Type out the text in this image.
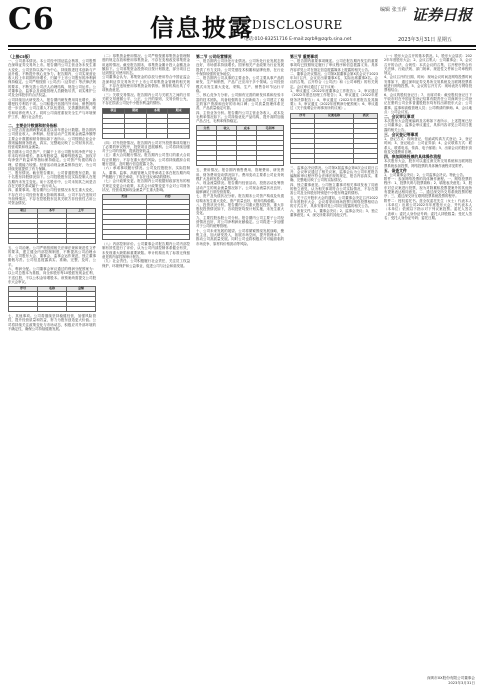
C6	信息披露
DISCLOSURE
编辑 张玉萍 证券日报
电话:010-83251716 E-mail:zqrb9@zqrb.sina.net	2023年3月31日 星期五

（上接C5版）

一、公司基本情况。本公司经中国证监会核准，公司股票在深圳证券交易所上市。报告期内公司主营业务未发生重大变化，公司坚持以客户为中心，持续推进技术创新与产品升级，不断提升核心竞争力。报告期内，公司实现营业收入较上年同期有所增长，归属于上市公司股东的净利润保持稳定。公司严格按照《公司法》《证券法》等法律法规的要求，不断完善公司法人治理结构，规范公司运作。公司董事会、监事会及高级管理人员勤勉尽责，切实维护公司及全体股东的合法权益。

公司持续加大研发投入，报告期内研发费用同比增长，新增授权专利若干项。公司积极开拓国内外市场，销售网络进一步完善。公司注重人才队伍建设，完善激励机制，吸引和培养优秀人才。同时公司高度重视安全生产与环境保护工作，履行社会责任。

二、主要会计数据和财务指标

公司是否需追溯调整或重述以前年度会计数据。报告期内公司营业收入、净利润、经营活动产生的现金流量净额等主要会计数据和财务指标如下表所示。公司按照企业会计准则编制财务报表，真实、完整地反映了公司财务状况、经营成果和现金流量。

报告期末公司总资产、归属于上市公司股东的净资产较上年末均有所增长。基本每股收益、稀释每股收益、加权平均净资产收益率等指标保持稳定。公司资产负债结构合理，偿债能力较强。经营活动现金流量保持良好，为公司持续发展提供了有力保障。

三、股东情况。截至报告期末，公司普通股股东总数、前十名股东持股情况如下。公司控股股东及实际控制人在报告期内未发生变化。前十名股东中，公司未知其之间是否存在关联关系或属于一致行动人。

四、重要事项。报告期内公司经营情况未发生重大变化，不存在对公司经营有重大影响的事项。公司不存在违规对外担保情况，不存在控股股东及其关联方非经营性占用公司资金情况。

项目	本年	上年

五、公司治理。公司严格按照相关法律法规和规范性文件的要求，建立健全内部控制制度，不断提高公司治理水平。公司股东大会、董事会、监事会运作规范，独立董事勤勉尽责。公司信息披露真实、准确、完整、及时、公平。

六、利润分配。公司董事会审议通过的利润分配预案为：以公司总股本为基数，向全体股东每10股派发现金红利，不送红股，不以公积金转增股本。该预案尚需提交公司股东大会审议。

序号	名称	金额

七、其他事项。公司将继续坚持稳健经营，加强风险管控，提升经营质量和效益，努力为股东创造更大价值。公司将持续关注政策变化与市场动态，积极应对外部环境的不确定性，确保公司持续健康发展。

（二）募集资金使用情况。公司严格按照募集资金管理制度的规定存放和使用募集资金，不存在变相改变募集资金用途的情况。截至报告期末，募集资金累计投入金额及余额如下。公司募集资金投资项目按计划推进，部分项目已达到预定可使用状态。

公司董事会认为，募集资金的存放与使用符合中国证监会及深圳证券交易所关于上市公司募集资金管理的相关规定，不存在违规使用募集资金的情形。保荐机构出具了专项核查意见。

（三）关联交易情况。报告期内公司与关联方之间的日常关联交易遵循公平、公正、公开的原则，交易价格公允，不存在损害公司及中小股东利益的情形。

项目	期初	本期	期末

（四）对外投资情况。报告期内公司对外投资事项均履行了必要的审议程序，投资项目进展顺利。公司将持续加强对子公司的管理，提高投资收益。

（五）重大合同履行情况。报告期内公司签订的重大合同均正常履行，不存在重大违约风险。公司将持续跟踪合同履行进展，及时履行信息披露义务。

（六）承诺事项履行情况。公司及控股股东、实际控制人、董事、监事、高级管理人员等承诺主体在报告期内均严格履行了相关承诺，不存在违反承诺的情形。

（七）会计政策变更。报告期内公司根据财政部发布的相关规定变更会计政策，本次会计政策变更不会对公司财务状况、经营成果和现金流量产生重大影响。

类别	内容

（八）内部控制评价。公司董事会对报告期内公司内部控制有效性进行了评价，认为公司内部控制体系健全有效，未发现重大缺陷和重要缺陷。审计机构出具了标准无保留意见的内部控制审计报告。

（九）社会责任。公司积极履行社会责任，关注员工权益保护、环境保护和公益事业，促进公司与社会和谐发展。

第二节 公司经营情况

一、报告期内公司所处行业情况。公司所处行业发展态势良好，市场需求持续增长。国家相关产业政策为行业发展提供了有力支持。公司凭借技术积累和品牌优势，在行业中保持较强的竞争地位。

二、报告期内公司从事的主要业务。公司主要从事产品的研发、生产和销售，产品广泛应用于多个领域。公司经营模式未发生重大变化，采购、生产、销售各环节运行平稳。

三、核心竞争力分析。公司拥有完善的研发体系和经验丰富的技术团队，具备较强的自主创新能力；公司建立了稳定的客户资源和良好的市场口碑；公司质量管理体系完善，产品质量稳定可靠。

四、主营业务分析。报告期内公司主营业务收入、成本及毛利率情况如下。公司持续优化产品结构，提升高附加值产品占比，毛利率保持稳定。

分类	收入	成本	毛利率

五、费用情况。报告期内销售费用、管理费用、研发费用、财务费用变动情况如下。费用变动主要系公司业务规模扩大及研发投入增加所致。

六、现金流量情况。报告期内经营活动、投资活动及筹资活动产生的现金流量情况如下。公司现金流量状况良好，能够满足日常经营需要。

七、资产及负债状况分析。报告期末公司资产构成及负债结构未发生重大变化，资产质量良好，财务结构稳健。

八、投资状况分析。报告期内公司重大股权投资、重大非股权投资情况如下，各项投资均按计划实施，未发生重大变化。

九、主要控股参股公司分析。报告期内公司主要子公司经营情况良好，对公司净利润贡献稳定。公司将进一步加强对子公司的统筹管理。

十、公司未来发展的展望。公司将紧紧围绕发展战略，聚焦主业，加大研发投入，拓展市场空间，提升管理水平，推动公司高质量发展。同时公司也将积极应对可能面临的市场竞争、原材料价格波动等风险。

第三节 重要事项

一、报告期内重要事项概述。公司在报告期内发生的重要事项均已按照规定履行了审议程序和信息披露义务。具体内容详见公司在指定信息披露媒体上披露的相关公告。

二、董事会决议情况。公司第X届董事会第X次会议于2023年3月召开，会议应出席董事X名，实际出席董事X名。会议的召集、召开符合《公司法》和《公司章程》的有关规定。会议审议通过了以下议案：

1、审议通过《2022年度董事会工作报告》；2、审议通过《2022年度总经理工作报告》；3、审议通过《2022年度财务决算报告》；4、审议通过《2022年年度报告及其摘要》；5、审议通过《2022年度利润分配预案》；6、审议通过《关于续聘会计师事务所的议案》。

序号	议案名称	表决

三、监事会决议情况。公司第X届监事会第X次会议同日召开，会议审议通过了相关议案，监事会认为公司年度报告编制和审议程序符合法律法规的规定，报告内容真实、准确、完整地反映了公司的实际情况。

四、独立董事意见。公司独立董事对相关事项发表了同意的独立意见，认为相关事项符合公司实际情况，不存在损害公司及全体股东特别是中小股东利益的情形。

五、关于召开股东大会的通知。公司董事会决定召开2022年年度股东大会，会议将采用现场投票与网络投票相结合的方式召开，具体安排详见公司同日披露的相关公告。

六、备查文件。1、董事会决议；2、监事会决议；3、独立董事意见；4、深交所要求的其他文件。

（一）股东大会召开的基本情况。1、股东大会届次：2022年年度股东大会；2、会议召集人：公司董事会；3、会议召开的合法、合规性：本次会议的召集、召开程序符合有关法律、行政法规、部门规章、规范性文件和公司章程的规定。

4、会议召开的日期、时间：现场会议时间及网络投票时间安排如下，通过深圳证券交易所交易系统及互联网投票系统进行网络投票。5、会议的召开方式：现场表决与网络投票相结合。

6、会议的股权登记日；7、出席对象：截至股权登记日下午收市时在中国证券登记结算有限责任公司深圳分公司登记在册的公司全体普通股股东均有权出席股东大会；公司董事、监事和高级管理人员；公司聘请的律师。8、会议地点：公司会议室。

二、会议审议事项

本次股东大会提案编码及名称如下表所示，上述提案已经公司董事会、监事会审议通过，具体内容详见公司同日披露的相关公告。

三、会议登记等事项

1、登记方式：现场登记、信函或传真方式登记；2、登记时间；3、登记地点：公司证券部；4、会议联系方式：联系人、联系电话、传真、电子邮箱；5、出席会议的股东食宿及交通费用自理。

四、参加网络投票的具体操作流程

本次股东大会，股东可以通过深交所交易系统和互联网投票系统参加投票，网络投票的具体操作流程详见附件。

五、备查文件

1、公司董事会决议；2、公司监事会决议。特此公告。

附件一：参加网络投票的具体操作流程。一、网络投票的程序：1、投票代码与投票简称；2、填报表决意见；3、股东对总议案进行投票，视为对除累积投票提案外的其他所有提案表达相同意见。二、通过深交所交易系统投票的程序；三、通过深交所互联网投票系统投票的程序。

附件二：授权委托书。兹全权委托先生（女士）代表本人（本单位）出席公司2022年年度股东大会，并代表本人（本单位）依照以下指示对下列议案投票。委托人签名（盖章）；委托人身份证号码；委托人持股数量；受托人签名；受托人身份证号码；委托日期。

深圳市XX股份有限公司董事会
2023年3月31日
